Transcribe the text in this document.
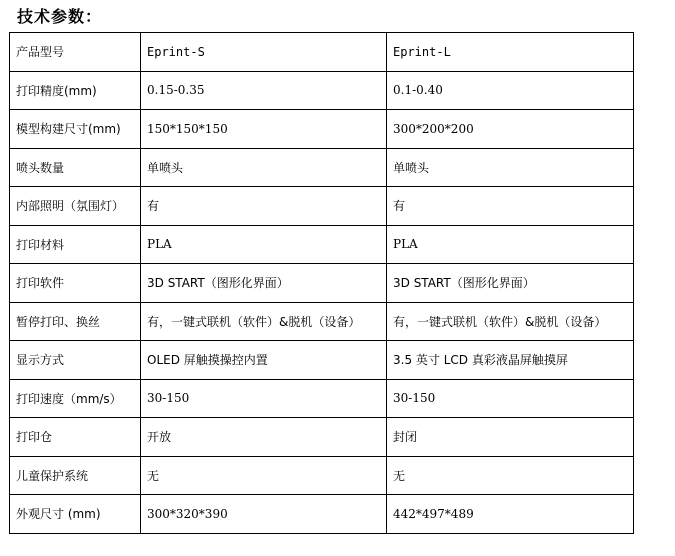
技术参数：
产品型号	Eprint-S	Eprint-L
打印精度(mm)	0.15-0.35	0.1-0.40
模型构建尺寸(mm)	150*150*150	300*200*200
喷头数量	单喷头	单喷头
内部照明（氛围灯）	有	有
打印材料	PLA	PLA
打印软件	3D START（图形化界面）	3D START（图形化界面）
暂停打印、换丝	有，一键式联机（软件）&脱机（设备）	有，一键式联机（软件）&脱机（设备）
显示方式	OLED 屏触摸操控内置	3.5 英寸 LCD 真彩液晶屏触摸屏
打印速度（mm/s）	30-150	30-150
打印仓	开放	封闭
儿童保护系统	无	无
外观尺寸 (mm)	300*320*390	442*497*489
